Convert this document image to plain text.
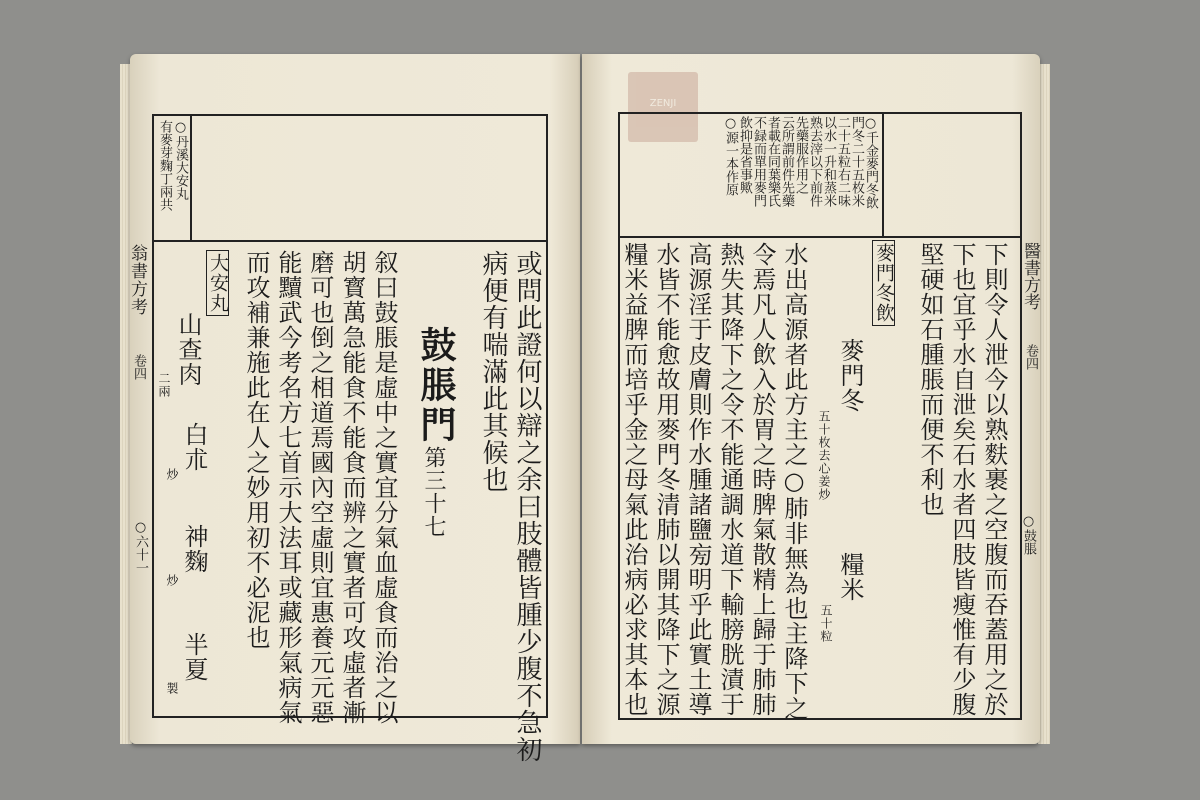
○丹溪大安丸
有麥芽麴丁兩共
翁書方考
卷四
○六十一	或問此證何以辯之余曰肢體皆腫少腹不急初
病便有喘滿此其候也
鼓脹門
第三十七
叙曰鼓脹是虛中之實宜分氣血虛食而治之以
胡寳萬急能食不能食而辨之實者可攻虛者漸
磨可也倒之相道焉國內空虛則宜惠養元元惡
能黷武今考名方七首示大法耳或藏形氣病氣
而攻補兼施此在人之妙用初不必泥也
大安丸
山查肉
二兩
白朮
炒
神麴
炒
半夏
製
ZENJI
○千金麥門冬飲
門冬二十五枚米
二十五粒右二味
以水一升和蒸米
熟去滓以下前件
先藥服作用之
云所謂前件先藥
者載在同葉樂氏
不録而單用麥門
飲抑是省事歟
○源一本作原
醫書方考
卷四
○鼓脹
下則令人泄今以熟麩裹之空腹而吞蓋用之於
下也宜乎水自泄矣石水者四肢皆瘦惟有少腹
堅硬如石腫脹而便不利也
麥門冬飲
麥門冬
五十枚去心姜炒
糧米
五十粒
水出高源者此方主之○肺非無為也主降下之
令焉凡人飲入於胃之時脾氣散精上歸于肺肺
熱失其降下之令不能通調水道下輸膀胱漬于
高源淫于皮膚則作水腫諸鹽㫄明乎此實土導
水皆不能愈故用麥門冬清肺以開其降下之源
糧米益脾而培乎金之母氣此治病必求其本也
